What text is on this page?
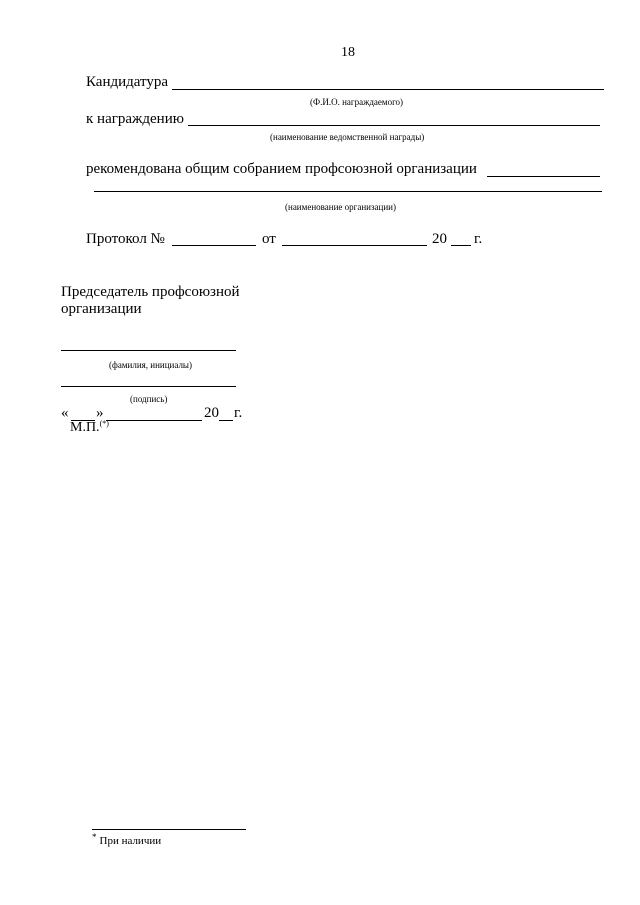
18
Кандидатура
(Ф.И.О. награждаемого)
к награждению
(наименование ведомственной награды)
рекомендована общим собранием профсоюзной организации
(наименование организации)
Протокол №	от	20 г.
Председатель профсоюзной
организации
(фамилия, инициалы)
(подпись)
« »	20 г.
М.П.(*)
* При наличии
